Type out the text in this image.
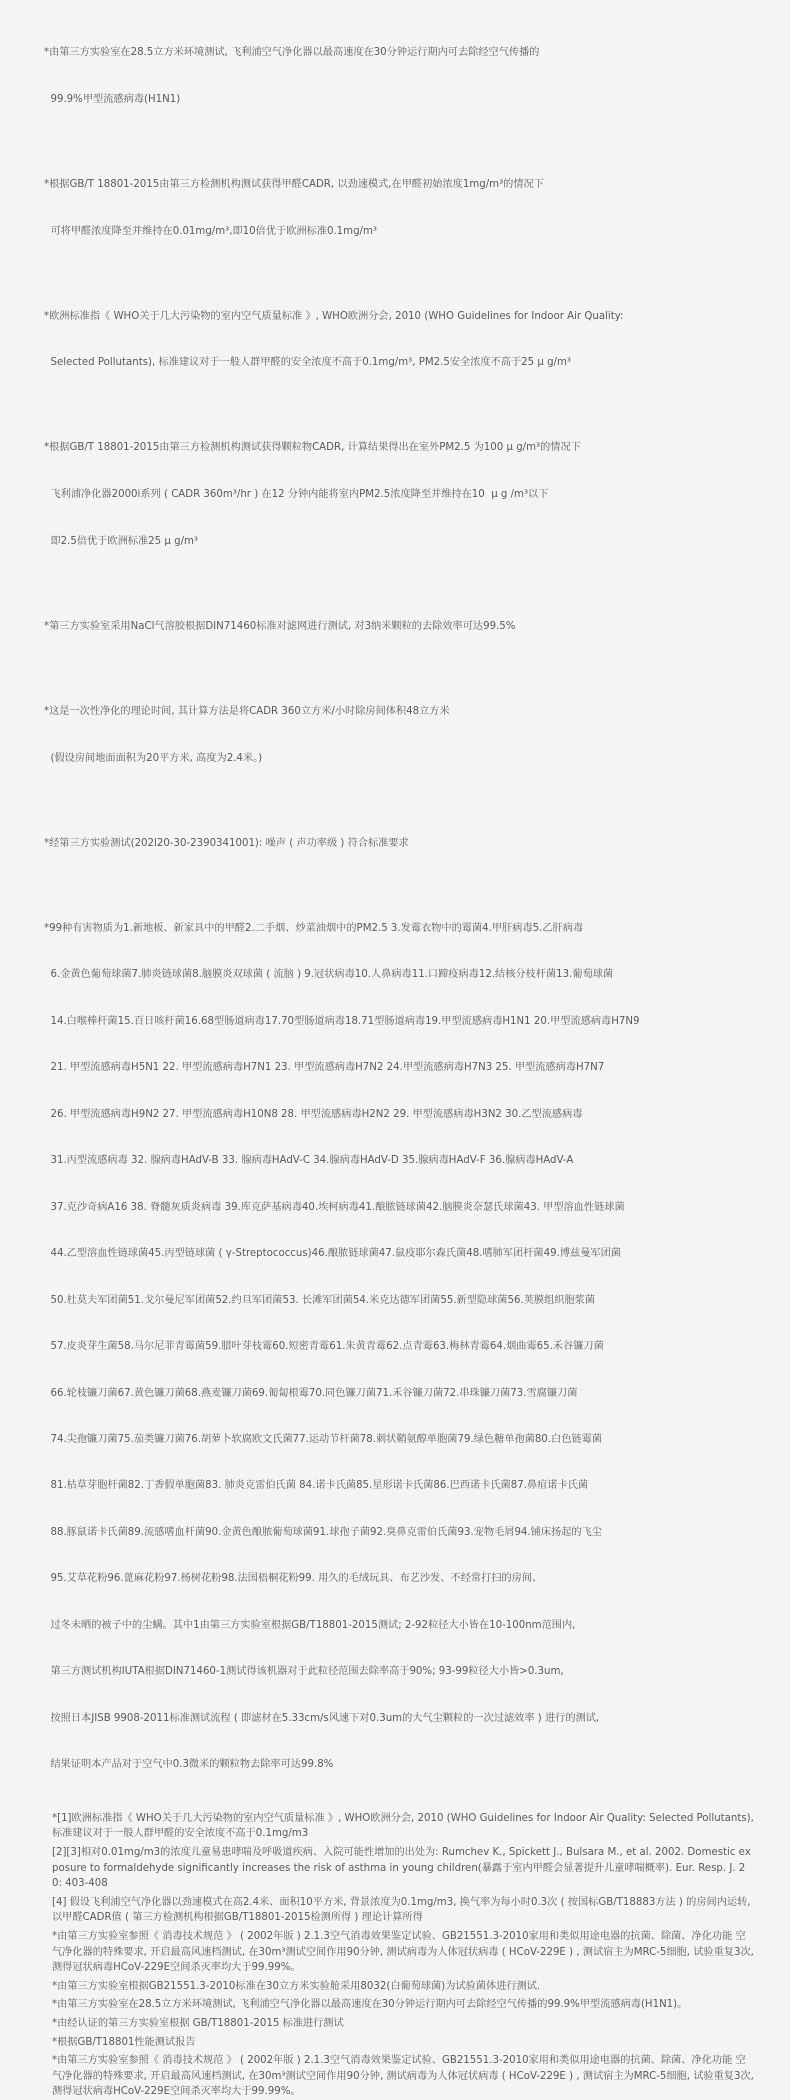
*由第三方实验室在28.5立方米环境测试, 飞利浦空气净化器以最高速度在30分钟运行期内可去除经空气传播的

99.9%甲型流感病毒(H1N1)

*根据GB/T 18801-2015由第三方检测机构测试获得甲醛CADR, 以劲速模式,在甲醛初始浓度1mg/m³的情况下

可将甲醛浓度降至并维持在0.01mg/m³,即10倍优于欧洲标准0.1mg/m³

*欧洲标准指《 WHO关于几大污染物的室内空气质量标准 》, WHO欧洲分会, 2010 (WHO Guidelines for Indoor Air Quality:

Selected Pollutants), 标准建议对于一般人群甲醛的安全浓度不高于0.1mg/m³, PM2.5安全浓度不高于25 μ g/m³

*根据GB/T 18801-2015由第三方检测机构测试获得颗粒物CADR, 计算结果得出在室外PM2.5 为100 μ g/m³的情况下

飞利浦净化器2000i系列 ( CADR 360m³/hr ) 在12 分钟内能将室内PM2.5浓度降至并维持在10  μ g /m³以下

即2.5倍优于欧洲标准25 μ g/m³

*第三方实验室采用NaCl气溶胶根据DIN71460标准对滤网进行测试, 对3纳米颗粒的去除效率可达99.5%

*这是一次性净化的理论时间, 其计算方法是将CADR 360立方米/小时除房间体积48立方米

(假设房间地面面积为20平方米, 高度为2.4米。)

*经第三方实验测试(202l20-30-2390341001): 噪声 ( 声功率级 ) 符合标准要求

*99种有害物质为1.新地板、新家具中的甲醛2.二手烟、炒菜油烟中的PM2.5 3.发霉衣物中的霉菌4.甲肝病毒5.乙肝病毒

6.金黄色葡萄球菌7.肺炎链球菌8.脑膜炎双球菌 ( 流脑 ) 9.冠状病毒10.人鼻病毒11.口蹄疫病毒12.结核分枝杆菌13.葡萄球菌

14.白喉棒杆菌15.百日咳杆菌16.68型肠道病毒17.70型肠道病毒18.71型肠道病毒19.甲型流感病毒H1N1 20.甲型流感病毒H7N9

21. 甲型流感病毒H5N1 22. 甲型流感病毒H7N1 23. 甲型流感病毒H7N2 24.甲型流感病毒H7N3 25. 甲型流感病毒H7N7

26. 甲型流感病毒H9N2 27. 甲型流感病毒H10N8 28. 甲型流感病毒H2N2 29. 甲型流感病毒H3N2 30.乙型流感病毒

31.丙型流感病毒 32. 腺病毒HAdV-B 33. 腺病毒HAdV-C 34.腺病毒HAdV-D 35.腺病毒HAdV-F 36.腺病毒HAdV-A

37.克沙奇病A16 38. 脊髓灰质炎病毒 39.库克萨基病毒40.埃柯病毒41.酿脓链球菌42.脑膜炎奈瑟氏球菌43. 甲型溶血性链球菌

44.乙型溶血性链球菌45.丙型链球菌 ( γ-Streptococcus)46.酿脓链球菌47.鼠疫耶尔森氏菌48.嗜肺军团杆菌49.博兹曼军团菌

50.杜莫夫军团菌51.戈尔曼尼军团菌52.约旦军团菌53. 长滩军团菌54.米克达德军团菌55.新型隐球菌56.荚膜组织胞浆菌

57.皮炎芽生菌58.马尔尼菲青霉菌59.腊叶芽枝霉60.短密青霉61.朱黄青霉62.点青霉63.梅林青霉64.烟曲霉65.禾谷镰刀菌

66.轮枝镰刀菌67.黄色镰刀菌68.燕麦镰刀菌69.匍匐根霉70.同色镰刀菌71.禾谷镰刀菌72.串珠镰刀菌73.雪腐镰刀菌

74.尖孢镰刀菌75.茄类镰刀菌76.胡萝卜软腐欧文氏菌77.运动节杆菌78.刺状鞘氨醇单胞菌79.绿色糖单孢菌80.白色链霉菌

81.枯草芽胞杆菌82.丁香假单胞菌83. 肺炎克雷伯氏菌 84.诺卡氏菌85.星形诺卡氏菌86.巴西诺卡氏菌87.鼻疽诺卡氏菌

88.豚鼠诺卡氏菌89.流感嗜血杆菌90.金黄色酿脓葡萄球菌91.球孢子菌92.臭鼻克雷伯氏菌93.宠物毛屑94.铺床扬起的飞尘

95.艾草花粉96.蓖麻花粉97.杨树花粉98.法国梧桐花粉99. 用久的毛绒玩具、布艺沙发、不经常打扫的房间、

过冬未晒的被子中的尘螨。其中1由第三方实验室根据GB/T18801-2015测试; 2-92粒径大小皆在10-100nm范围内,

第三方测试机构IUTA根据DIN71460-1测试得该机器对于此粒径范围去除率高于90%; 93-99粒径大小皆>0.3um,

按照日本JISB 9908-2011标准测试流程 ( 即滤材在5.33cm/s风速下对0.3um的大气尘颗粒的一次过滤效率 ) 进行的测试,

结果证明本产品对于空气中0.3微米的颗粒物去除率可达99.8%

*[1]欧洲标准指《 WHO关于几大污染物的室内空气质量标准 》, WHO欧洲分会, 2010 (WHO Guidelines for Indoor Air Quality: Selected Pollutants), 标准建议对于一般人群甲醛的安全浓度不高于0.1mg/m3
[2][3]相对0.01mg/m3的浓度儿童易患哮喘及呼吸道疾病、入院可能性增加的出处为: Rumchev K., Spickett J., Bulsara M., et al. 2002. Domestic exposure to formaldehyde significantly increases the risk of asthma in young children(暴露于室内甲醛会显著提升儿童哮喘概率). Eur. Resp. J. 20: 403-408
[4] 假设飞利浦空气净化器以劲速模式在高2.4米、面积10平方米, 背景浓度为0.1mg/m3, 换气率为每小时0.3次 ( 按国标GB/T18883方法 ) 的房间内运转, 以甲醛CADR值 ( 第三方检测机构根据GB/T18801-2015检测所得 ) 理论计算所得
*由第三方实验室参照《 消毒技术规范 》 ( 2002年版 ) 2.1.3空气消毒效果鉴定试验、GB21551.3-2010家用和类似用途电器的抗菌、除菌、净化功能 空气净化器的特殊要求, 开启最高风速档测试, 在30m³测试空间作用90分钟, 测试病毒为人体冠状病毒 ( HCoV-229E ) , 测试宿主为MRC-5细胞, 试验重复3次, 测得冠状病毒HCoV-229E空间杀灭率均大于99.99%。
*由第三方实验室根据GB21551.3-2010标准在30立方米实验舱采用8032(白葡萄球菌)为试验菌体进行测试.
*由第三方实验室在28.5立方米环境测试, 飞利浦空气净化器以最高速度在30分钟运行期内可去除经空气传播的99.9%甲型流感病毒(H1N1)。
*由经认证的第三方实验室根据 GB/T18801-2015 标准进行测试
*根据GB/T18801性能测试报告
*由第三方实验室参照《 消毒技术规范 》 ( 2002年版 ) 2.1.3空气消毒效果鉴定试验、GB21551.3-2010家用和类似用途电器的抗菌、除菌、净化功能 空气净化器的特殊要求, 开启最高风速档测试, 在30m³测试空间作用90分钟, 测试病毒为人体冠状病毒 ( HCoV-229E ) , 测试宿主为MRC-5细胞, 试验重复3次, 测得冠状病毒HCoV-229E空间杀灭率均大于99.99%。
